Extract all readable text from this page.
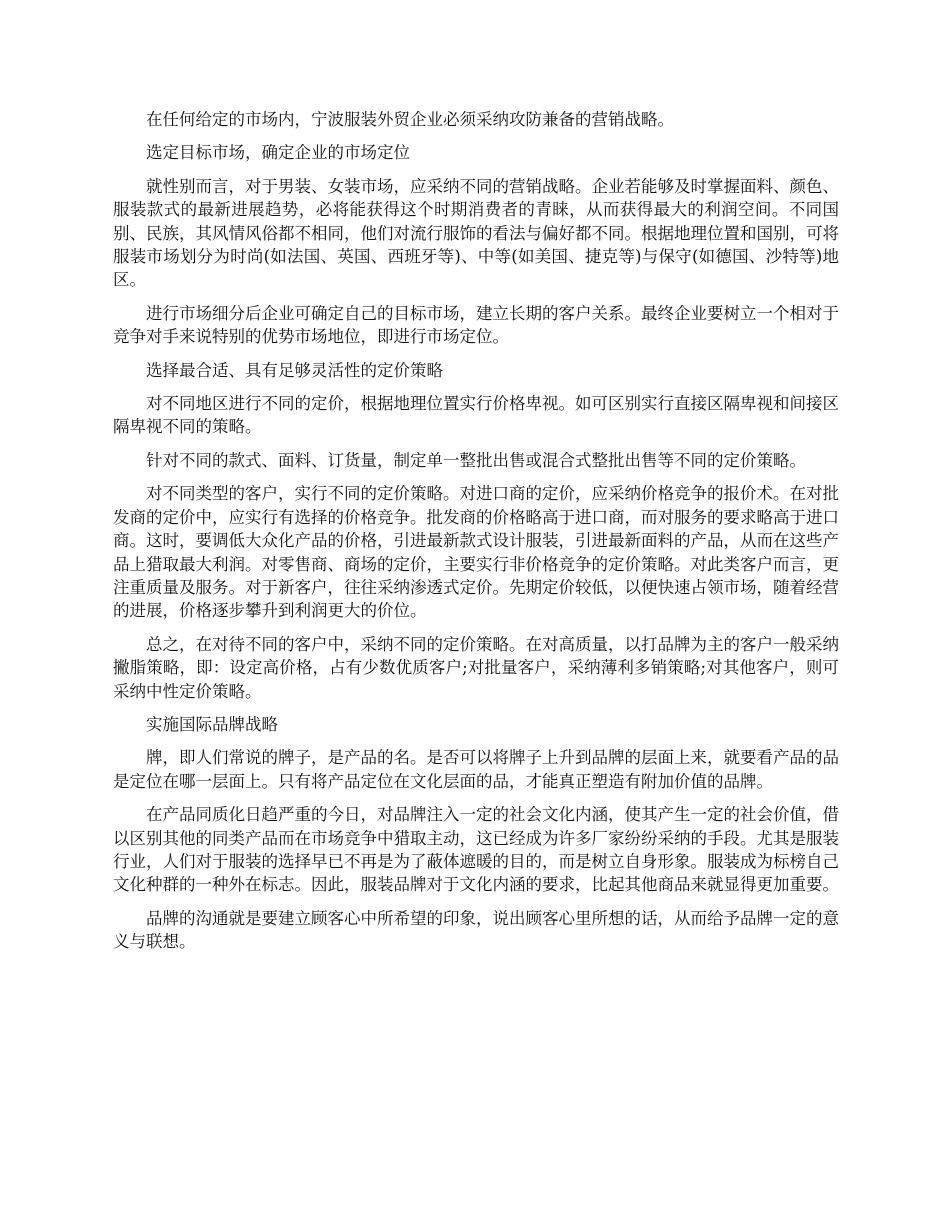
在任何给定的市场内，宁波服装外贸企业必须采纳攻防兼备的营销战略。

选定目标市场，确定企业的市场定位

就性别而言，对于男装、女装市场，应采纳不同的营销战略。企业若能够及时掌握面料、颜色、服装款式的最新进展趋势，必将能获得这个时期消费者的青睐，从而获得最大的利润空间。不同国别、民族，其风情风俗都不相同，他们对流行服饰的看法与偏好都不同。根据地理位置和国别，可将服装市场划分为时尚(如法国、英国、西班牙等)、中等(如美国、捷克等)与保守(如德国、沙特等)地区。

进行市场细分后企业可确定自己的目标市场，建立长期的客户关系。最终企业要树立一个相对于竞争对手来说特别的优势市场地位，即进行市场定位。

选择最合适、具有足够灵活性的定价策略

对不同地区进行不同的定价，根据地理位置实行价格卑视。如可区别实行直接区隔卑视和间接区隔卑视不同的策略。

针对不同的款式、面料、订货量，制定单一整批出售或混合式整批出售等不同的定价策略。

对不同类型的客户，实行不同的定价策略。对进口商的定价，应采纳价格竞争的报价术。在对批发商的定价中，应实行有选择的价格竞争。批发商的价格略高于进口商，而对服务的要求略高于进口商。这时，要调低大众化产品的价格，引进最新款式设计服装，引进最新面料的产品，从而在这些产品上猎取最大利润。对零售商、商场的定价，主要实行非价格竞争的定价策略。对此类客户而言，更注重质量及服务。对于新客户，往往采纳渗透式定价。先期定价较低，以便快速占领市场，随着经营的进展，价格逐步攀升到利润更大的价位。

总之，在对待不同的客户中，采纳不同的定价策略。在对高质量，以打品牌为主的客户一般采纳撇脂策略，即：设定高价格，占有少数优质客户;对批量客户，采纳薄利多销策略;对其他客户，则可采纳中性定价策略。

实施国际品牌战略

牌，即人们常说的牌子，是产品的名。是否可以将牌子上升到品牌的层面上来，就要看产品的品是定位在哪一层面上。只有将产品定位在文化层面的品，才能真正塑造有附加价值的品牌。

在产品同质化日趋严重的今日，对品牌注入一定的社会文化内涵，使其产生一定的社会价值，借以区别其他的同类产品而在市场竞争中猎取主动，这已经成为许多厂家纷纷采纳的手段。尤其是服装行业，人们对于服装的选择早已不再是为了蔽体遮暖的目的，而是树立自身形象。服装成为标榜自己文化种群的一种外在标志。因此，服装品牌对于文化内涵的要求，比起其他商品来就显得更加重要。

品牌的沟通就是要建立顾客心中所希望的印象，说出顾客心里所想的话，从而给予品牌一定的意义与联想。
